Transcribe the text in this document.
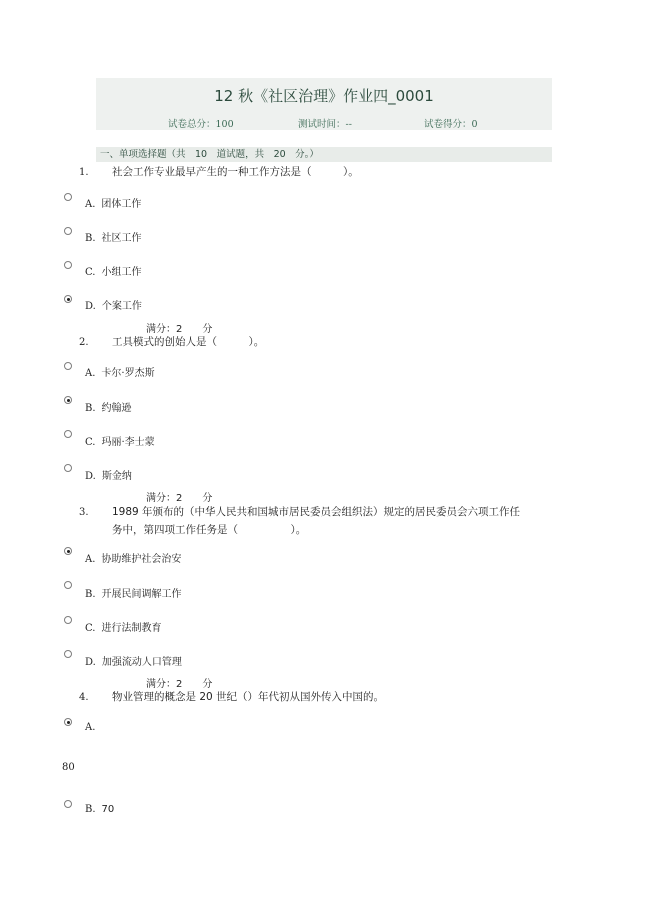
12 秋《社区治理》作业四_0001
试卷总分：100	测试时间：--	试卷得分：0
一、单项选择题（共　10　道试题，共　20　分。）
1. 社会工作专业最早产生的一种工作方法是（　　　）。
A. 团体工作
B. 社区工作
C. 小组工作
D. 个案工作
满分：2　　分
2. 工具模式的创始人是（　　　）。
A. 卡尔·罗杰斯
B. 约翰逊
C. 玛丽·李士蒙
D. 斯金纳
满分：2　　分
3. 1989 年颁布的（中华人民共和国城市居民委员会组织法）规定的居民委员会六项工作任
务中，第四项工作任务是（　　　　　）。
A. 协助维护社会治安
B. 开展民间调解工作
C. 进行法制教育
D. 加强流动人口管理
满分：2　　分
4. 物业管理的概念是 20 世纪（）年代初从国外传入中国的。
A.
80
B. 70
